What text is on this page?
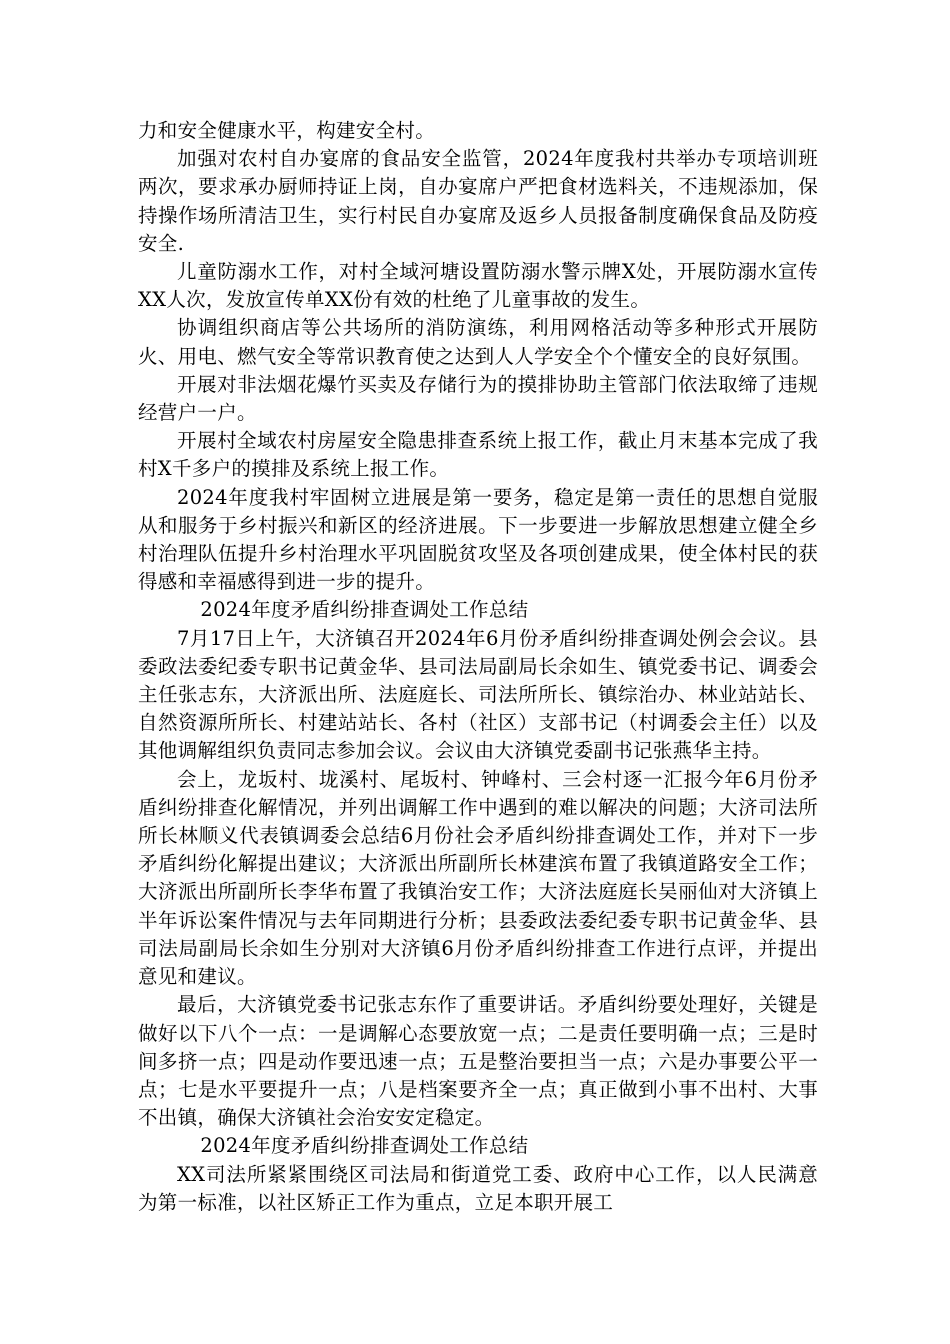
力和安全健康水平，构建安全村。

加强对农村自办宴席的食品安全监管，2024年度我村共举办专项培训班两次，要求承办厨师持证上岗，自办宴席户严把食材选料关，不违规添加，保持操作场所清洁卫生，实行村民自办宴席及返乡人员报备制度确保食品及防疫安全.

儿童防溺水工作，对村全域河塘设置防溺水警示牌X处，开展防溺水宣传XX人次，发放宣传单XX份有效的杜绝了儿童事故的发生。

协调组织商店等公共场所的消防演练，利用网格活动等多种形式开展防火、用电、燃气安全等常识教育使之达到人人学安全个个懂安全的良好氛围。

开展对非法烟花爆竹买卖及存储行为的摸排协助主管部门依法取缔了违规经营户一户。

开展村全域农村房屋安全隐患排查系统上报工作，截止月末基本完成了我村X千多户的摸排及系统上报工作。

2024年度我村牢固树立进展是第一要务，稳定是第一责任的思想自觉服从和服务于乡村振兴和新区的经济进展。下一步要进一步解放思想建立健全乡村治理队伍提升乡村治理水平巩固脱贫攻坚及各项创建成果，使全体村民的获得感和幸福感得到进一步的提升。

2024年度矛盾纠纷排查调处工作总结

7月17日上午，大济镇召开2024年6月份矛盾纠纷排查调处例会会议。县委政法委纪委专职书记黄金华、县司法局副局长余如生、镇党委书记、调委会主任张志东，大济派出所、法庭庭长、司法所所长、镇综治办、林业站站长、自然资源所所长、村建站站长、各村（社区）支部书记（村调委会主任）以及其他调解组织负责同志参加会议。会议由大济镇党委副书记张燕华主持。

会上，龙坂村、垅溪村、尾坂村、钟峰村、三会村逐一汇报今年6月份矛盾纠纷排查化解情况，并列出调解工作中遇到的难以解决的问题；大济司法所所长林顺义代表镇调委会总结6月份社会矛盾纠纷排查调处工作，并对下一步矛盾纠纷化解提出建议；大济派出所副所长林建滨布置了我镇道路安全工作；大济派出所副所长李华布置了我镇治安工作；大济法庭庭长吴丽仙对大济镇上半年诉讼案件情况与去年同期进行分析；县委政法委纪委专职书记黄金华、县司法局副局长余如生分别对大济镇6月份矛盾纠纷排查工作进行点评，并提出意见和建议。

最后，大济镇党委书记张志东作了重要讲话。矛盾纠纷要处理好，关键是做好以下八个一点：一是调解心态要放宽一点；二是责任要明确一点；三是时间多挤一点；四是动作要迅速一点；五是整治要担当一点；六是办事要公平一点；七是水平要提升一点；八是档案要齐全一点；真正做到小事不出村、大事不出镇，确保大济镇社会治安安定稳定。

2024年度矛盾纠纷排查调处工作总结

XX司法所紧紧围绕区司法局和街道党工委、政府中心工作，以人民满意为第一标准，以社区矫正工作为重点，立足本职开展工
